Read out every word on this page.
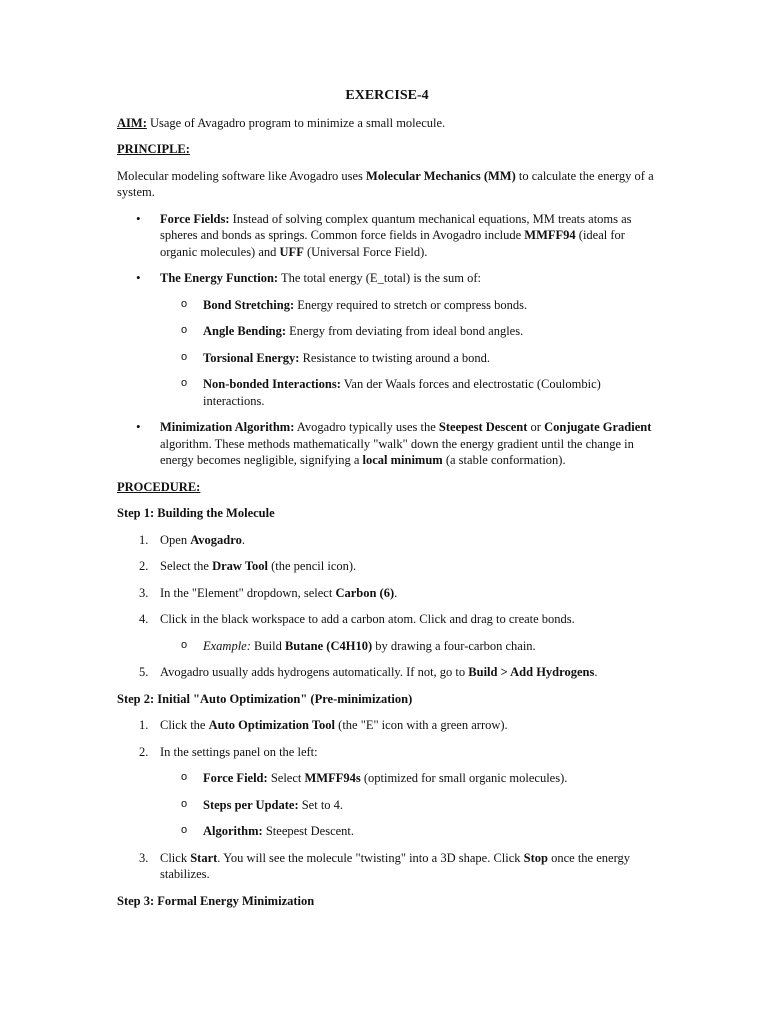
EXERCISE-4

AIM: Usage of Avagadro program to minimize a small molecule.

PRINCIPLE:

Molecular modeling software like Avogadro uses Molecular Mechanics (MM) to calculate the energy of a system.

• Force Fields: Instead of solving complex quantum mechanical equations, MM treats atoms as spheres and bonds as springs. Common force fields in Avogadro include MMFF94 (ideal for organic molecules) and UFF (Universal Force Field).
• The Energy Function: The total energy (E_total) is the sum of:
o Bond Stretching: Energy required to stretch or compress bonds.
o Angle Bending: Energy from deviating from ideal bond angles.
o Torsional Energy: Resistance to twisting around a bond.
o Non-bonded Interactions: Van der Waals forces and electrostatic (Coulombic) interactions.
• Minimization Algorithm: Avogadro typically uses the Steepest Descent or Conjugate Gradient algorithm. These methods mathematically "walk" down the energy gradient until the change in energy becomes negligible, signifying a local minimum (a stable conformation).

PROCEDURE:

Step 1: Building the Molecule
1. Open Avogadro.
2. Select the Draw Tool (the pencil icon).
3. In the "Element" dropdown, select Carbon (6).
4. Click in the black workspace to add a carbon atom. Click and drag to create bonds.
o Example: Build Butane (C4H10) by drawing a four-carbon chain.
5. Avogadro usually adds hydrogens automatically. If not, go to Build > Add Hydrogens.
Step 2: Initial "Auto Optimization" (Pre-minimization)
1. Click the Auto Optimization Tool (the "E" icon with a green arrow).
2. In the settings panel on the left:
o Force Field: Select MMFF94s (optimized for small organic molecules).
o Steps per Update: Set to 4.
o Algorithm: Steepest Descent.
3. Click Start. You will see the molecule "twisting" into a 3D shape. Click Stop once the energy stabilizes.
Step 3: Formal Energy Minimization
